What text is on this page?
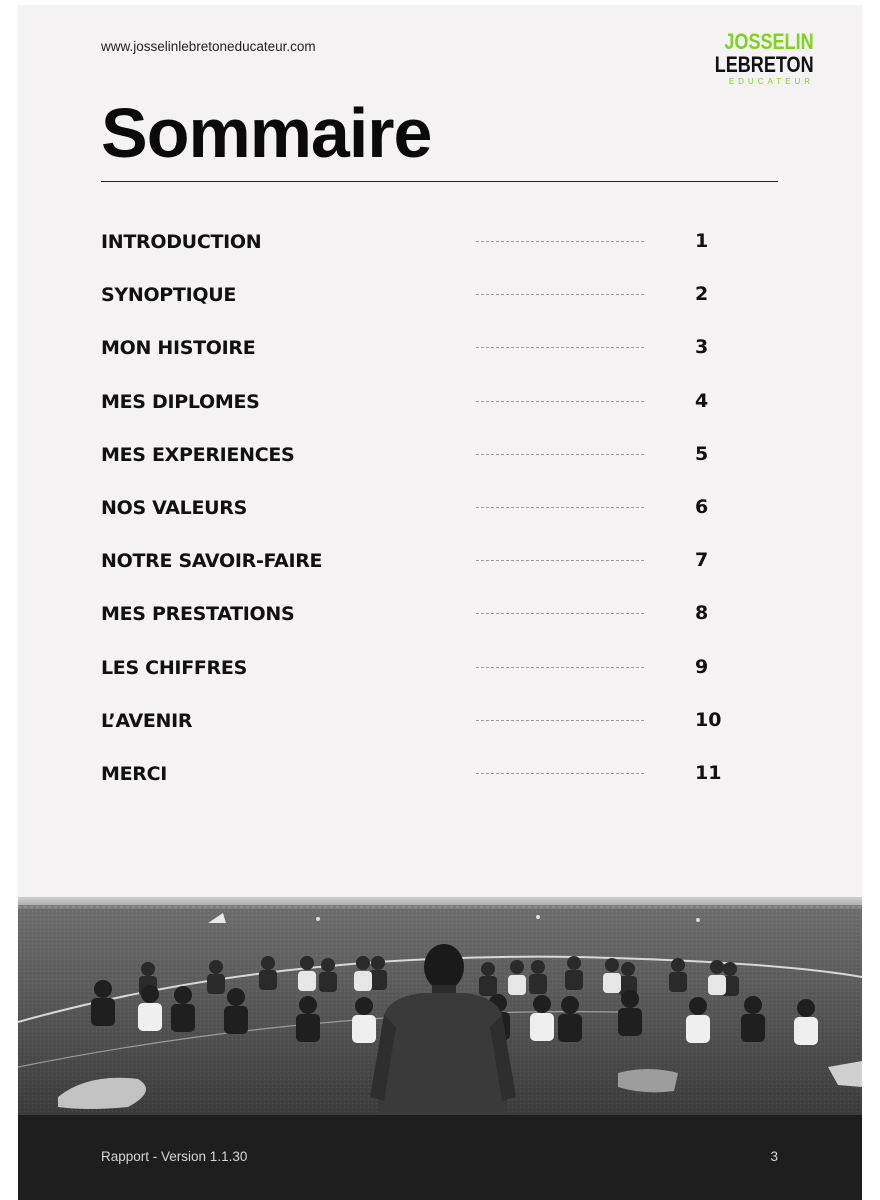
www.josselinlebretoneducateur.com	JOSSELIN
LEBRETON
EDUCATEUR
Sommaire
INTRODUCTION	1
SYNOPTIQUE	2
MON HISTOIRE	3
MES DIPLOMES	4
MES EXPERIENCES	5
NOS VALEURS	6
NOTRE SAVOIR-FAIRE	7
MES PRESTATIONS	8
LES CHIFFRES	9
L’AVENIR	10
MERCI	11
Rapport - Version 1.1.30	3
